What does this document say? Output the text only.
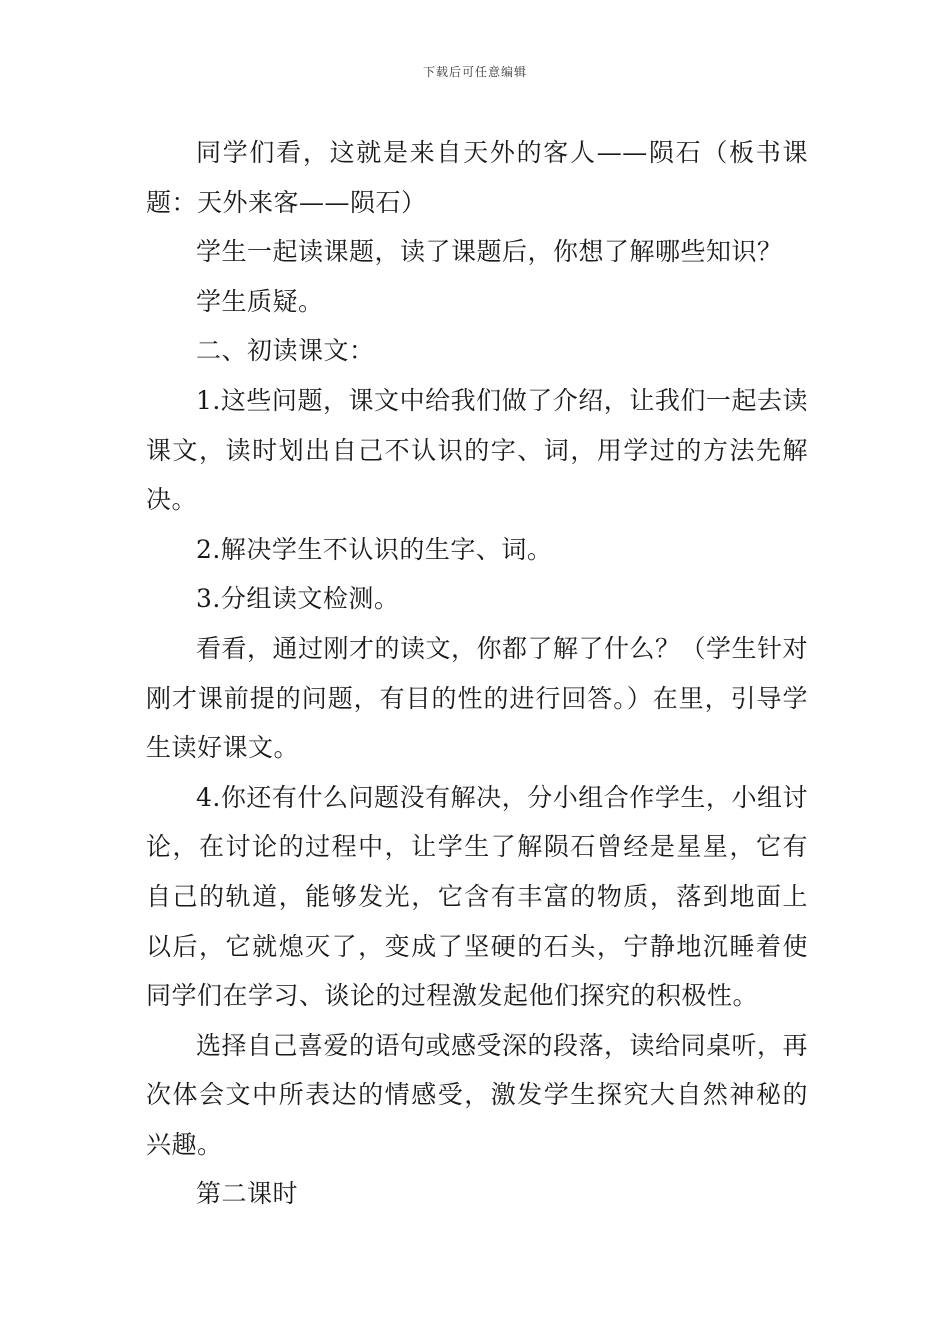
下载后可任意编辑

同学们看，这就是来自天外的客人——陨石（板书课题：天外来客——陨石）

学生一起读课题，读了课题后，你想了解哪些知识？

学生质疑。

二、初读课文：

1.这些问题，课文中给我们做了介绍，让我们一起去读课文，读时划出自己不认识的字、词，用学过的方法先解决。

2.解决学生不认识的生字、词。

3.分组读文检测。

看看，通过刚才的读文，你都了解了什么？（学生针对刚才课前提的问题，有目的性的进行回答。）在里，引导学生读好课文。

4.你还有什么问题没有解决，分小组合作学生，小组讨论，在讨论的过程中，让学生了解陨石曾经是星星，它有自己的轨道，能够发光，它含有丰富的物质，落到地面上以后，它就熄灭了，变成了坚硬的石头，宁静地沉睡着使同学们在学习、谈论的过程激发起他们探究的积极性。

选择自己喜爱的语句或感受深的段落，读给同桌听，再次体会文中所表达的情感受，激发学生探究大自然神秘的兴趣。

第二课时
